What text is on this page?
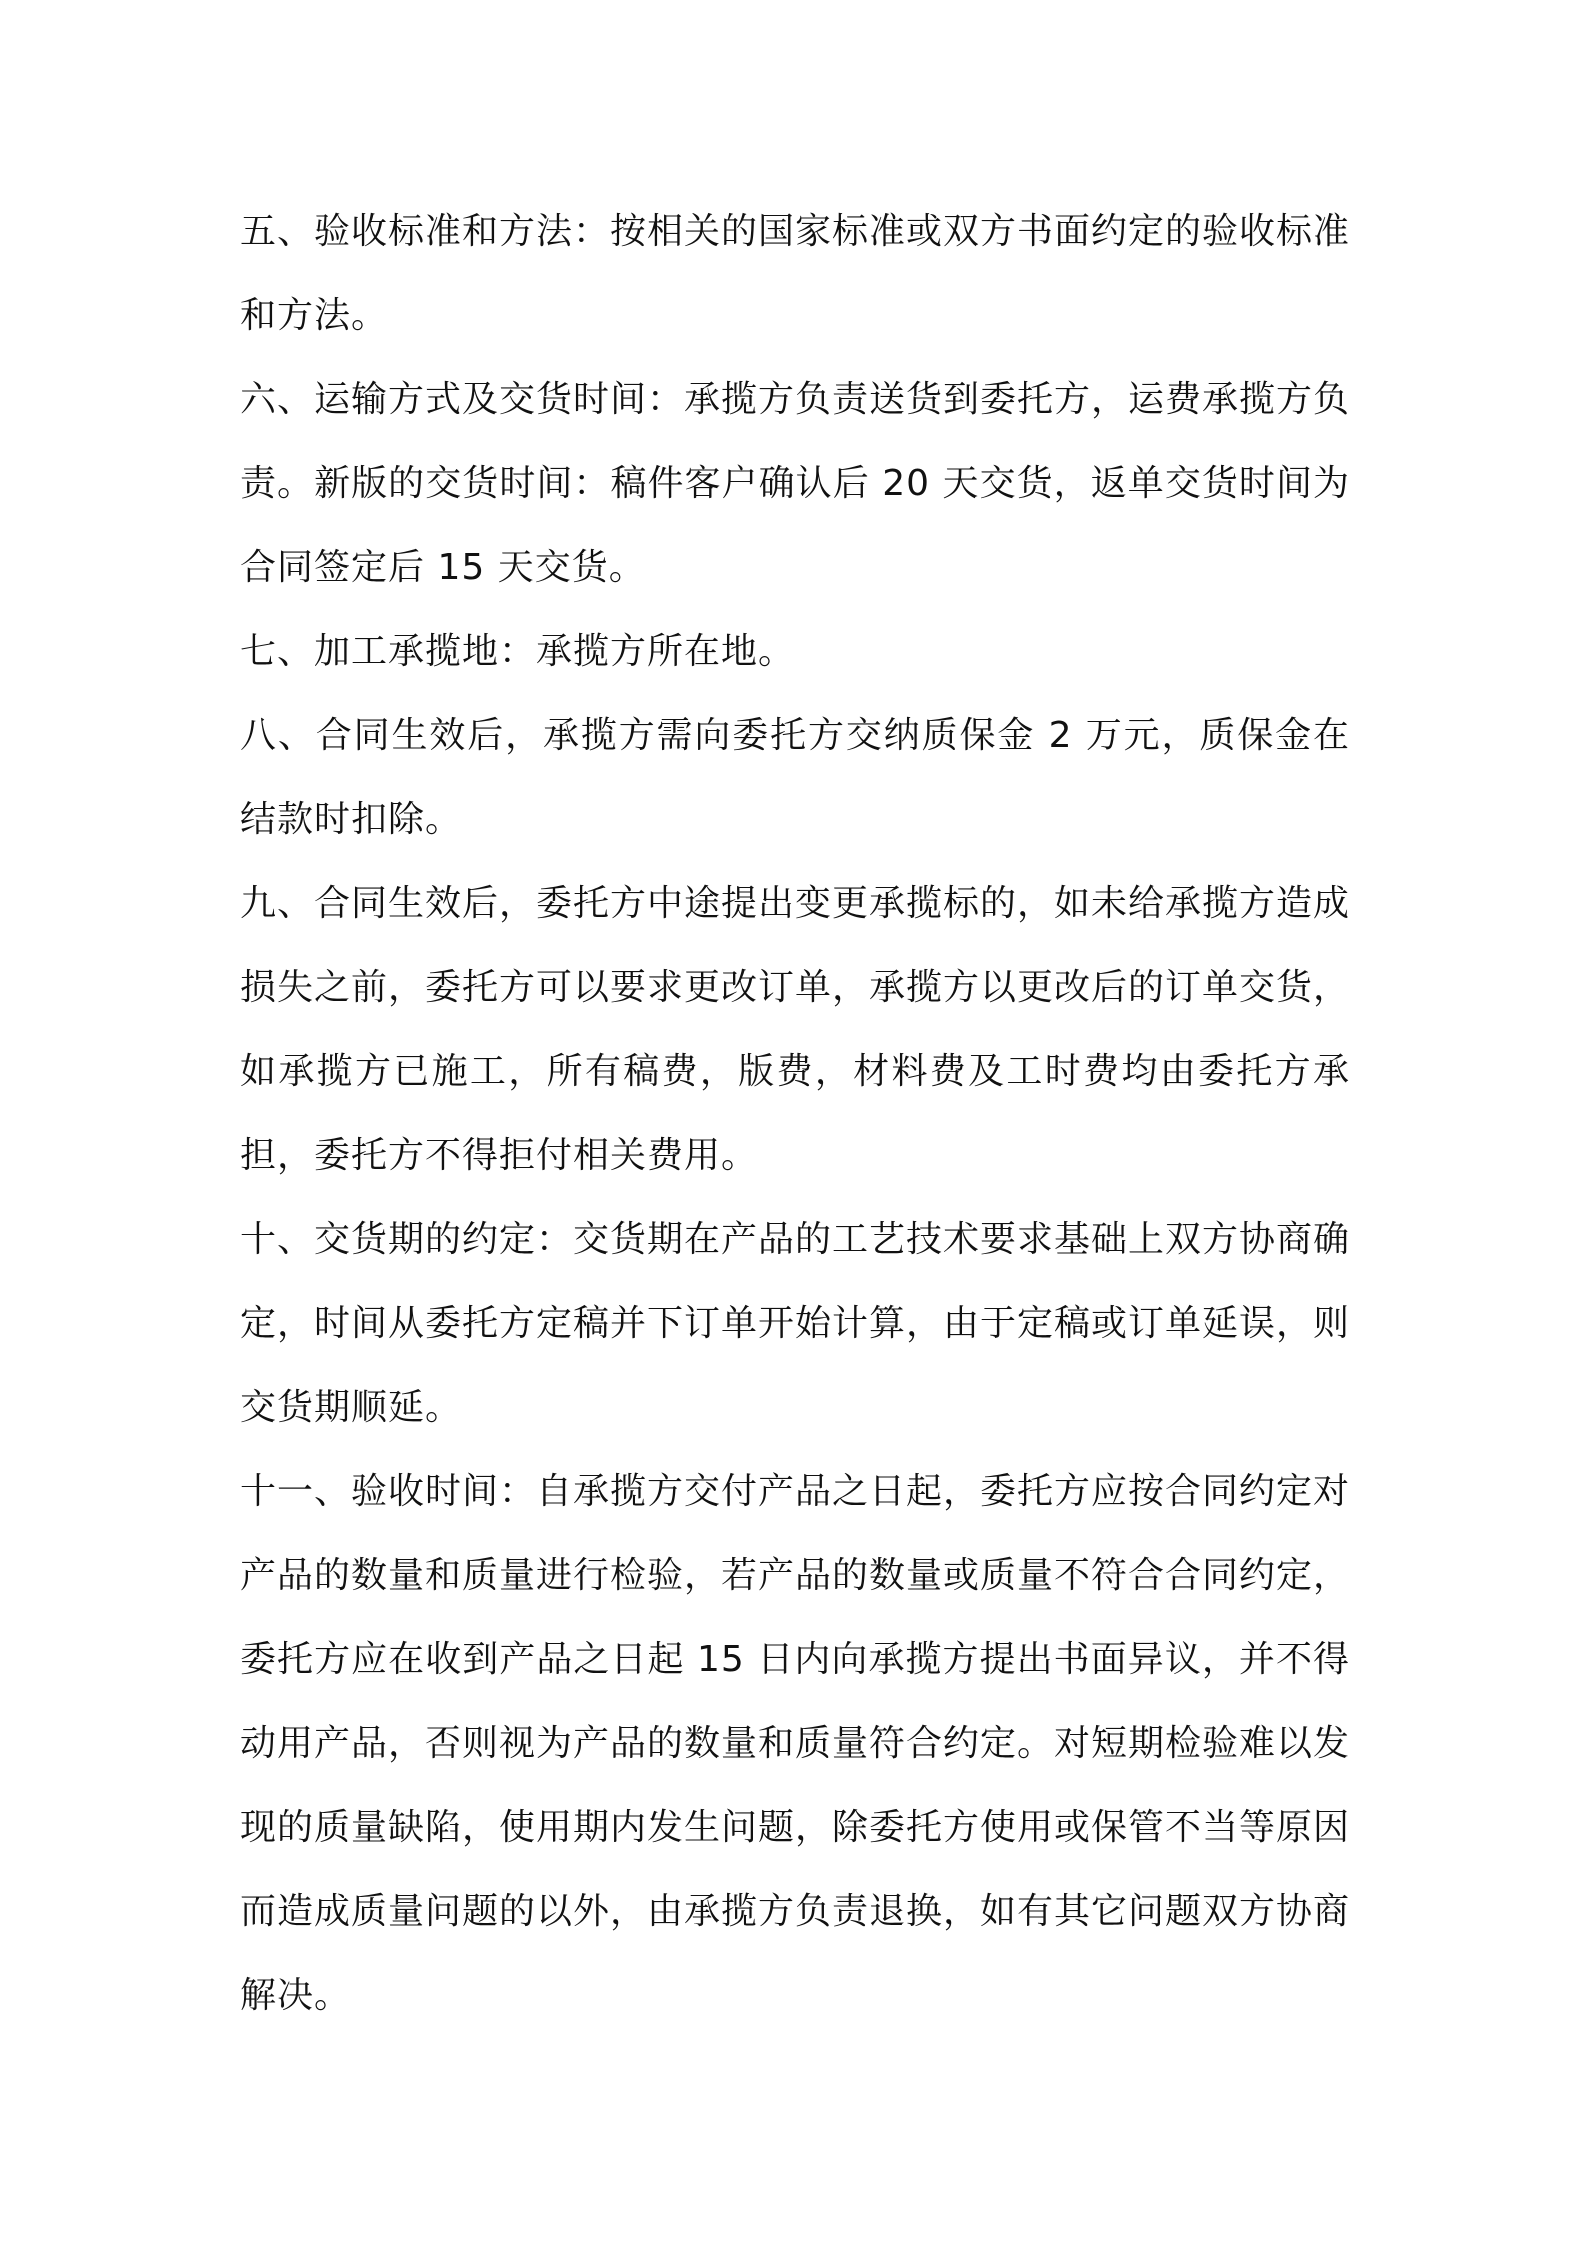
五、验收标准和方法：按相关的国家标准或双方书面约定的验收标准和方法。

六、运输方式及交货时间：承揽方负责送货到委托方，运费承揽方负责。新版的交货时间：稿件客户确认后 20 天交货，返单交货时间为合同签定后 15 天交货。

七、加工承揽地：承揽方所在地。

八、合同生效后，承揽方需向委托方交纳质保金 2 万元，质保金在结款时扣除。

九、合同生效后，委托方中途提出变更承揽标的，如未给承揽方造成损失之前，委托方可以要求更改订单，承揽方以更改后的订单交货，如承揽方已施工，所有稿费，版费，材料费及工时费均由委托方承担，委托方不得拒付相关费用。

十、交货期的约定：交货期在产品的工艺技术要求基础上双方协商确定，时间从委托方定稿并下订单开始计算，由于定稿或订单延误，则交货期顺延。

十一、验收时间：自承揽方交付产品之日起，委托方应按合同约定对产品的数量和质量进行检验，若产品的数量或质量不符合合同约定，委托方应在收到产品之日起 15 日内向承揽方提出书面异议，并不得动用产品，否则视为产品的数量和质量符合约定。对短期检验难以发现的质量缺陷，使用期内发生问题，除委托方使用或保管不当等原因而造成质量问题的以外，由承揽方负责退换，如有其它问题双方协商解决。
